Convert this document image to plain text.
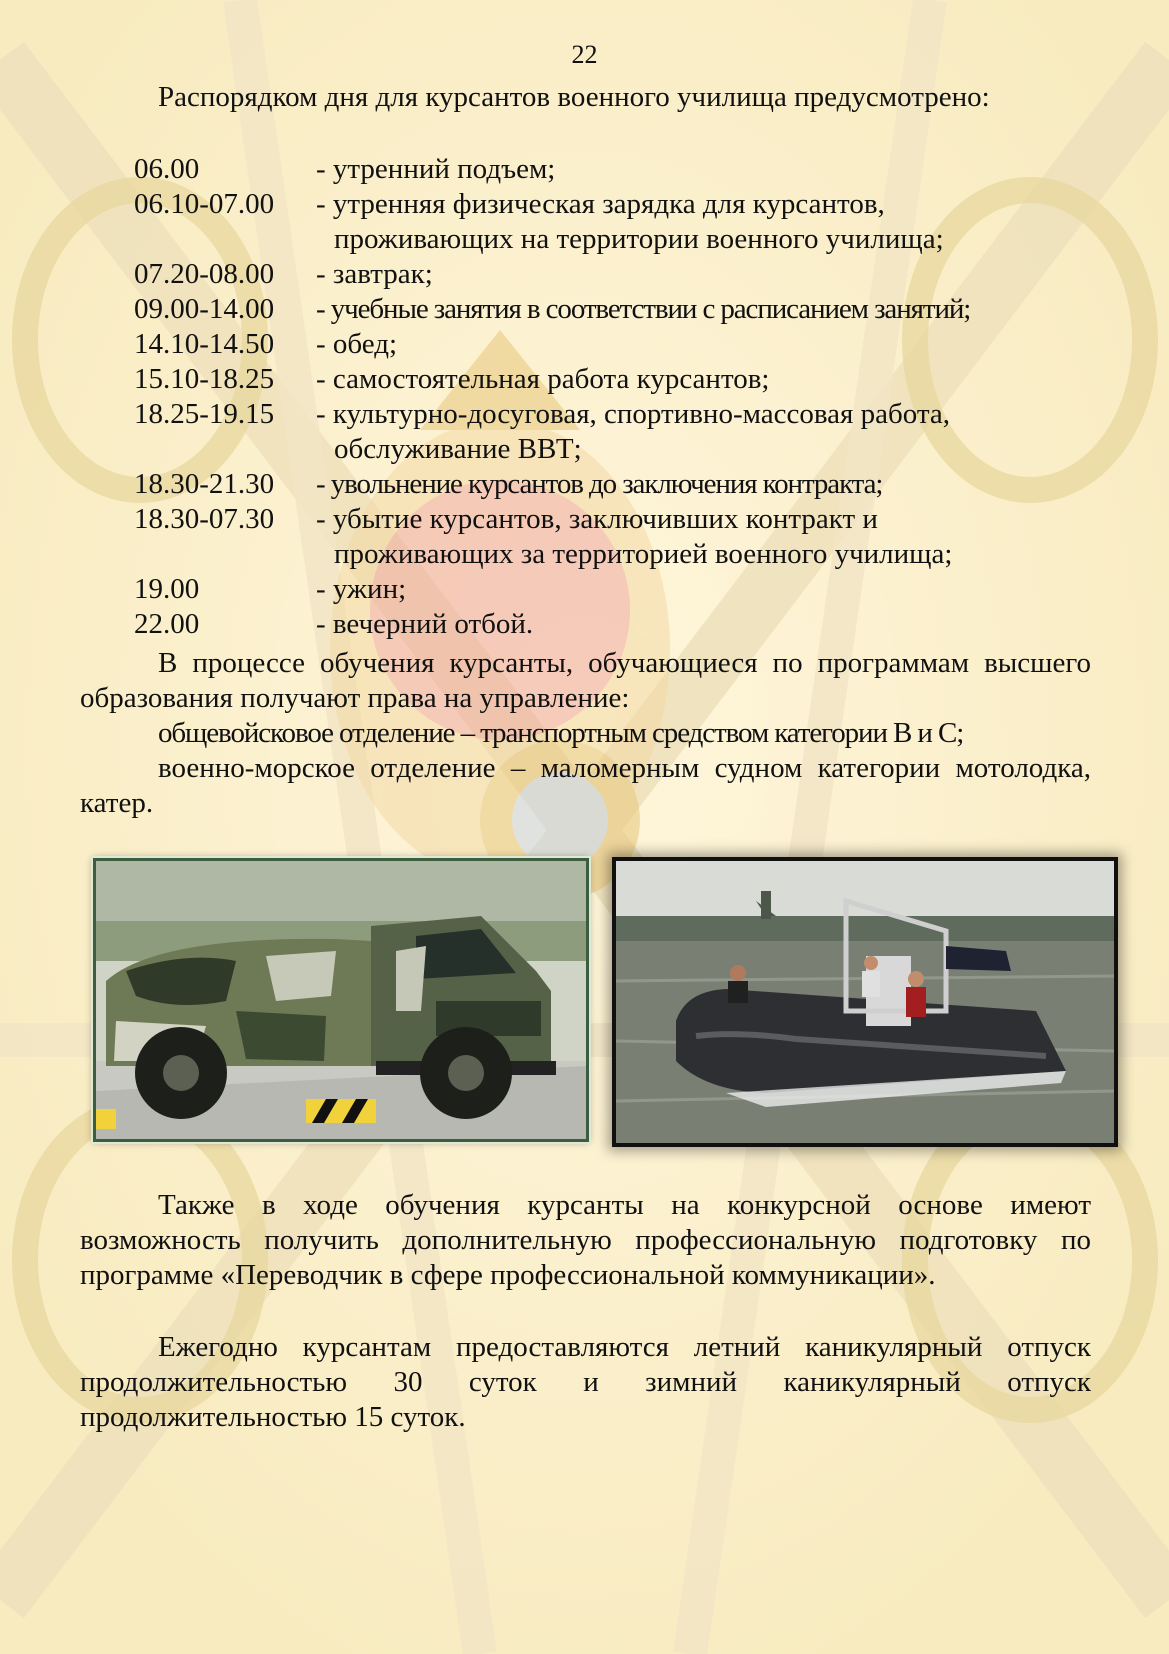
22

Распорядком дня для курсантов военного училища предусмотрено:

06.00	- утренний подъем;
06.10-07.00	- утренняя физическая зарядка для курсантов,
проживающих на территории военного училища;
07.20-08.00	- завтрак;
09.00-14.00	- учебные занятия в соответствии с расписанием занятий;
14.10-14.50	- обед;
15.10-18.25	- самостоятельная работа курсантов;
18.25-19.15	- культурно-досуговая, спортивно-массовая работа,
обслуживание ВВТ;
18.30-21.30	- увольнение курсантов до заключения контракта;
18.30-07.30	- убытие курсантов, заключивших контракт и
проживающих за территорией военного училища;
19.00	- ужин;
22.00	- вечерний отбой.

В процессе обучения курсанты, обучающиеся по программам высшего образования получают права на управление:

общевойсковое отделение – транспортным средством категории В и С;

военно-морское отделение – маломерным судном категории мотолодка, катер.

Также в ходе обучения курсанты на конкурсной основе имеют возможность получить дополнительную профессиональную подготовку по программе «Переводчик в сфере профессиональной коммуникации».

Ежегодно курсантам предоставляются летний каникулярный отпуск продолжительностью 30 суток и зимний каникулярный отпуск продолжительностью 15 суток.
